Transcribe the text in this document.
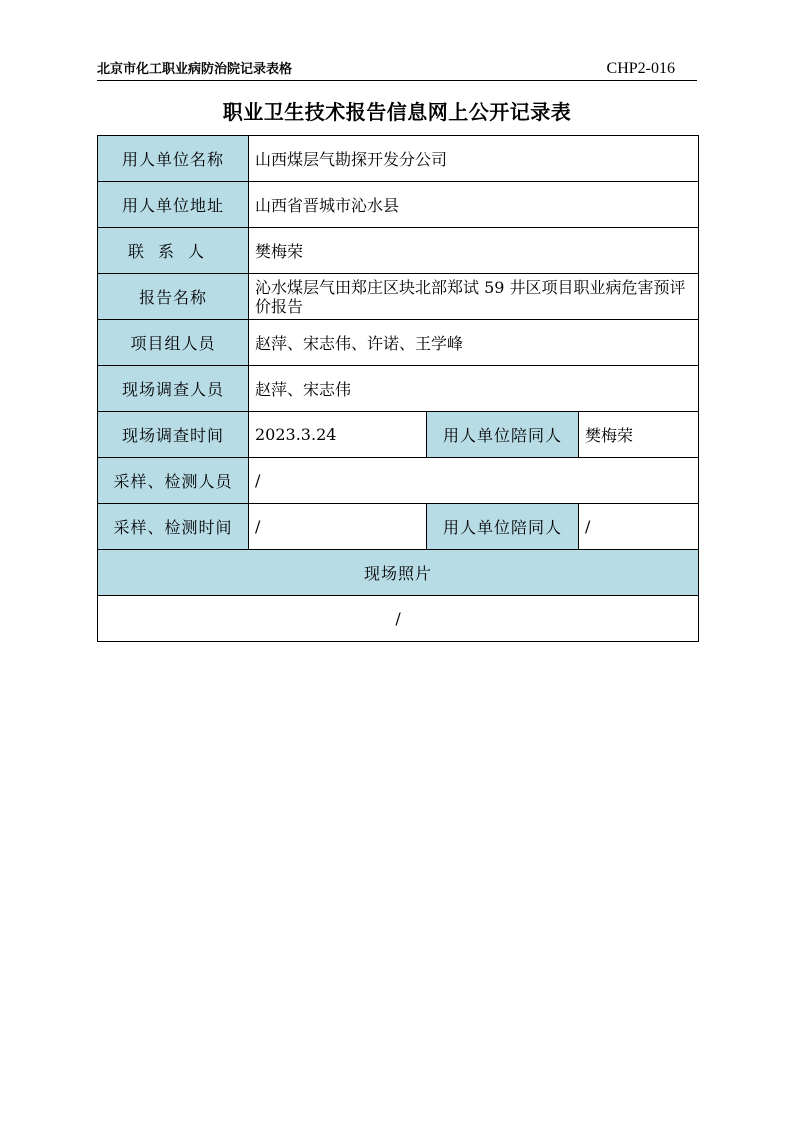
北京市化工职业病防治院记录表格	CHP2-016
职业卫生技术报告信息网上公开记录表
用人单位名称	山西煤层气勘探开发分公司		
用人单位地址	山西省晋城市沁水县		
联系人	樊梅荣		
报告名称	沁水煤层气田郑庄区块北部郑试 59 井区项目职业病危害预评价报告		
项目组人员	赵萍、宋志伟、许诺、王学峰		
现场调查人员	赵萍、宋志伟		
现场调查时间	2023.3.24	用人单位陪同人	樊梅荣
采样、检测人员	/		
采样、检测时间	/	用人单位陪同人	/
现场照片			
/			
